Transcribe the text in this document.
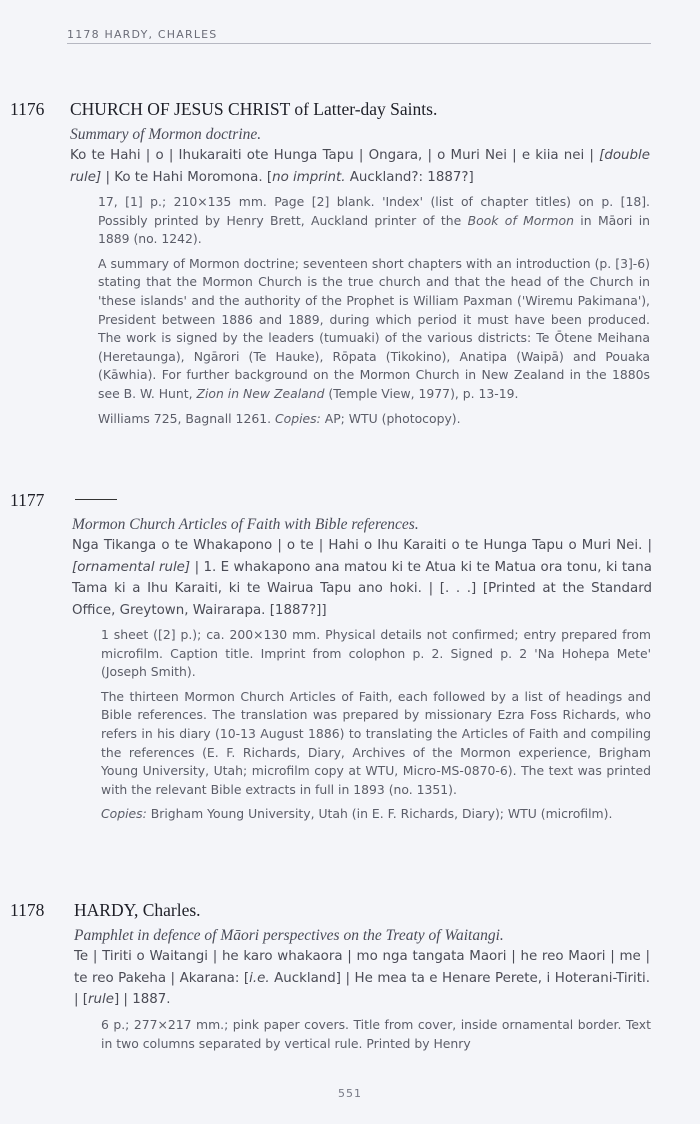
1178 HARDY, CHARLES
1176 CHURCH OF JESUS CHRIST of Latter-day Saints.

Summary of Mormon doctrine.

Ko te Hahi | o | Ihukaraiti ote Hunga Tapu | Ongara, | o Muri Nei | e kiia nei | [double rule] | Ko te Hahi Moromona. [no imprint. Auckland?: 1887?]

17, [1] p.; 210×135 mm. Page [2] blank. 'Index' (list of chapter titles) on p. [18]. Possibly printed by Henry Brett, Auckland printer of the Book of Mormon in Māori in 1889 (no. 1242).

A summary of Mormon doctrine; seventeen short chapters with an introduction (p. [3]-6) stating that the Mormon Church is the true church and that the head of the Church in 'these islands' and the authority of the Prophet is William Paxman ('Wiremu Pakimana'), President between 1886 and 1889, during which period it must have been produced. The work is signed by the leaders (tumuaki) of the various districts: Te Ōtene Meihana (Heretaunga), Ngārori (Te Hauke), Rōpata (Tikokino), Anatipa (Waipā) and Pouaka (Kāwhia). For further background on the Mormon Church in New Zealand in the 1880s see B. W. Hunt, Zion in New Zealand (Temple View, 1977), p. 13-19.

Williams 725, Bagnall 1261. Copies: AP; WTU (photocopy).

1177

Mormon Church Articles of Faith with Bible references.

Nga Tikanga o te Whakapono | o te | Hahi o Ihu Karaiti o te Hunga Tapu o Muri Nei. | [ornamental rule] | 1. E whakapono ana matou ki te Atua ki te Matua ora tonu, ki tana Tama ki a Ihu Karaiti, ki te Wairua Tapu ano hoki. | [. . .] [Printed at the Standard Office, Greytown, Wairarapa. [1887?]]

1 sheet ([2] p.); ca. 200×130 mm. Physical details not confirmed; entry prepared from microfilm. Caption title. Imprint from colophon p. 2. Signed p. 2 'Na Hohepa Mete' (Joseph Smith).

The thirteen Mormon Church Articles of Faith, each followed by a list of headings and Bible references. The translation was prepared by missionary Ezra Foss Richards, who refers in his diary (10-13 August 1886) to translating the Articles of Faith and compiling the references (E. F. Richards, Diary, Archives of the Mormon experience, Brigham Young University, Utah; microfilm copy at WTU, Micro-MS-0870-6). The text was printed with the relevant Bible extracts in full in 1893 (no. 1351).

Copies: Brigham Young University, Utah (in E. F. Richards, Diary); WTU (microfilm).

1178 HARDY, Charles.

Pamphlet in defence of Māori perspectives on the Treaty of Waitangi.

Te | Tiriti o Waitangi | he karo whakaora | mo nga tangata Maori | he reo Maori | me | te reo Pakeha | Akarana: [i.e. Auckland] | He mea ta e Henare Perete, i Hoterani-Tiriti. | [rule] | 1887.

6 p.; 277×217 mm.; pink paper covers. Title from cover, inside ornamental border. Text in two columns separated by vertical rule. Printed by Henry

551
